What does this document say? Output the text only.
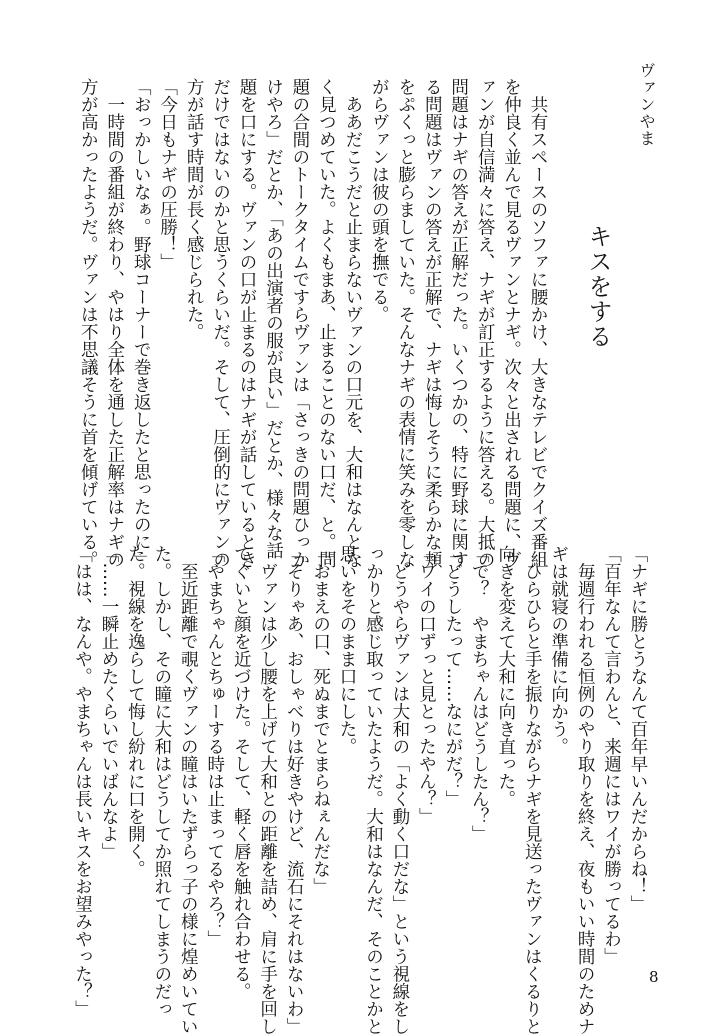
ヴァンやま
キスをする
　共有スペースのソファに腰かけ、大きなテレビでクイズ番組
を仲良く並んで見るヴァンとナギ。次々と出される問題に、ヴ
ァンが自信満々に答え、ナギが訂正するように答える。大抵の
問題はナギの答えが正解だった。いくつかの、特に野球に関す
る問題はヴァンの答えが正解で、ナギは悔しそうに柔らかな頬
をぷくっと膨らましていた。そんなナギの表情に笑みを零しな
がらヴァンは彼の頭を撫でる。
　ああだこうだと止まらないヴァンの口元を、大和はなんとな
く見つめていた。よくもまあ、止まることのない口だ、と。問
題の合間のトークタイムですらヴァンは「さっきの問題ひっか
けやろ」だとか、「あの出演者の服が良い」だとか、様々な話
題を口にする。ヴァンの口が止まるのはナギが話しているとき
だけではないのかと思うくらいだ。そして、圧倒的にヴァンの
方が話す時間が長く感じられた。
「今日もナギの圧勝！」
「おっかしいなぁ。野球コーナーで巻き返したと思ったのに」
　一時間の番組が終わり、やはり全体を通した正解率はナギの
方が高かったようだ。ヴァンは不思議そうに首を傾げている。
「ナギに勝とうなんて百年早いんだからね！」
「百年なんて言わんと、来週にはワイが勝ってるわ」
　毎週行われる恒例のやり取りを終え、夜もいい時間のためナ
ギは就寝の準備に向かう。
　ひらひらと手を振りながらナギを見送ったヴァンはくるりと
向きを変えて大和に向き直った。
「で？　やまちゃんはどうしたん？」
「どうしたって……なにがだ？」
「ワイの口ずっと見とったやん？」
　どうやらヴァンは大和の「よく動く口だな」という視線をし
っかりと感じ取っていたようだ。大和はなんだ、そのことかと
思いをそのまま口にした。
「おまえの口、死ぬまでとまらねぇんだな」
「そりゃあ、おしゃべりは好きやけど、流石にそれはないわ」
　ヴァンは少し腰を上げて大和との距離を詰め、肩に手を回し
てぐいと顔を近づけた。そして、軽く唇を触れ合わせる。
「やまちゃんとちゅーする時は止まってるやろ？」
　至近距離で覗くヴァンの瞳はいたずらっ子の様に煌めいてい
た。しかし、その瞳に大和はどうしてか照れてしまうのだっ
た。視線を逸らして悔し紛れに口を開く。
「……一瞬止めたくらいでいばんなよ」
「はは、なんや。やまちゃんは長いキスをお望みやった？」	8
